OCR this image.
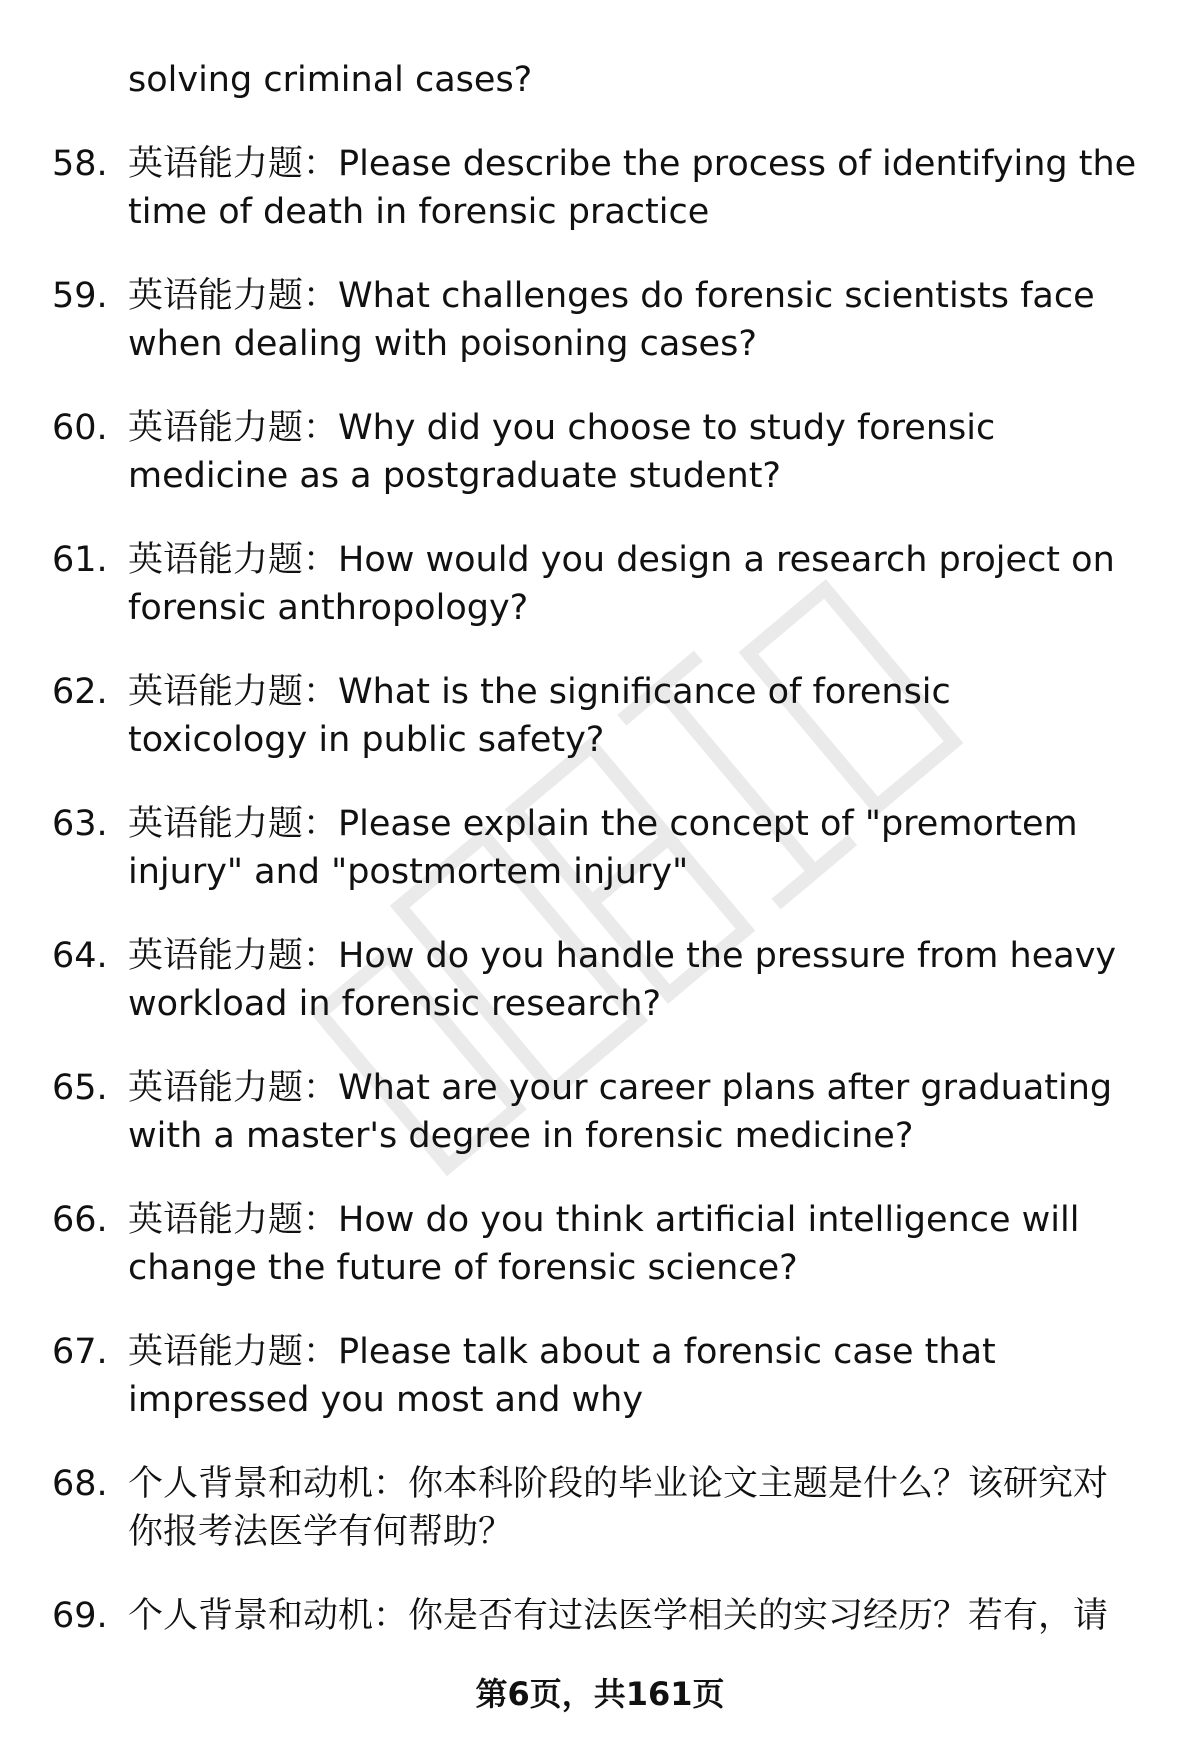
solving criminal cases?
58. 英语能力题：Please describe the process of identifying the time of death in forensic practice
59. 英语能力题：What challenges do forensic scientists face when dealing with poisoning cases?
60. 英语能力题：Why did you choose to study forensic medicine as a postgraduate student?
61. 英语能力题：How would you design a research project on forensic anthropology?
62. 英语能力题：What is the significance of forensic toxicology in public safety?
63. 英语能力题：Please explain the concept of "premortem injury" and "postmortem injury"
64. 英语能力题：How do you handle the pressure from heavy workload in forensic research?
65. 英语能力题：What are your career plans after graduating with a master's degree in forensic medicine?
66. 英语能力题：How do you think artificial intelligence will change the future of forensic science?
67. 英语能力题：Please talk about a forensic case that impressed you most and why
68. 个人背景和动机：你本科阶段的毕业论文主题是什么？该研究对你报考法医学有何帮助？
69. 个人背景和动机：你是否有过法医学相关的实习经历？若有，请
第6页，共161页
